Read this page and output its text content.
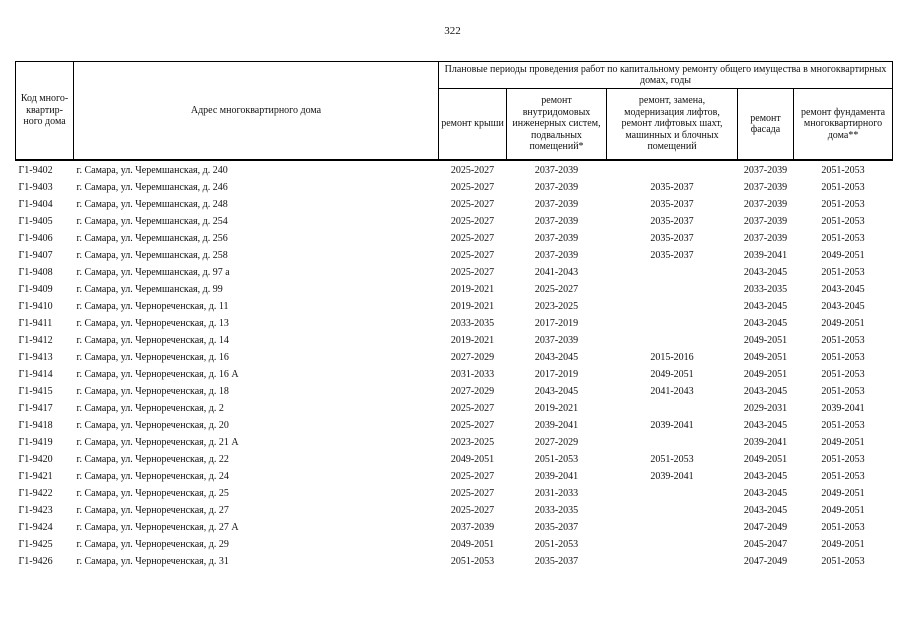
322
Код много-квартир-ного дома	Адрес многоквартирного дома	Плановые периоды проведения работ по капитальному ремонту общего имущества в многоквартирных домах, годы				
		ремонт крыши	ремонт внутридомовых инженерных систем, подвальных помещений*	ремонт, замена, модернизация лифтов, ремонт лифтовых шахт, машинных и блочных помещений	ремонт фасада	ремонт фундамента многоквартирного дома**
Г1-9402	г. Самара, ул. Черемшанская, д. 240	2025-2027	2037-2039		2037-2039	2051-2053
Г1-9403	г. Самара, ул. Черемшанская, д. 246	2025-2027	2037-2039	2035-2037	2037-2039	2051-2053
Г1-9404	г. Самара, ул. Черемшанская, д. 248	2025-2027	2037-2039	2035-2037	2037-2039	2051-2053
Г1-9405	г. Самара, ул. Черемшанская, д. 254	2025-2027	2037-2039	2035-2037	2037-2039	2051-2053
Г1-9406	г. Самара, ул. Черемшанская, д. 256	2025-2027	2037-2039	2035-2037	2037-2039	2051-2053
Г1-9407	г. Самара, ул. Черемшанская, д. 258	2025-2027	2037-2039	2035-2037	2039-2041	2049-2051
Г1-9408	г. Самара, ул. Черемшанская, д. 97 а	2025-2027	2041-2043		2043-2045	2051-2053
Г1-9409	г. Самара, ул. Черемшанская, д. 99	2019-2021	2025-2027		2033-2035	2043-2045
Г1-9410	г. Самара, ул. Чернореченская, д. 11	2019-2021	2023-2025		2043-2045	2043-2045
Г1-9411	г. Самара, ул. Чернореченская, д. 13	2033-2035	2017-2019		2043-2045	2049-2051
Г1-9412	г. Самара, ул. Чернореченская, д. 14	2019-2021	2037-2039		2049-2051	2051-2053
Г1-9413	г. Самара, ул. Чернореченская, д. 16	2027-2029	2043-2045	2015-2016	2049-2051	2051-2053
Г1-9414	г. Самара, ул. Чернореченская, д. 16 А	2031-2033	2017-2019	2049-2051	2049-2051	2051-2053
Г1-9415	г. Самара, ул. Чернореченская, д. 18	2027-2029	2043-2045	2041-2043	2043-2045	2051-2053
Г1-9417	г. Самара, ул. Чернореченская, д. 2	2025-2027	2019-2021		2029-2031	2039-2041
Г1-9418	г. Самара, ул. Чернореченская, д. 20	2025-2027	2039-2041	2039-2041	2043-2045	2051-2053
Г1-9419	г. Самара, ул. Чернореченская, д. 21 А	2023-2025	2027-2029		2039-2041	2049-2051
Г1-9420	г. Самара, ул. Чернореченская, д. 22	2049-2051	2051-2053	2051-2053	2049-2051	2051-2053
Г1-9421	г. Самара, ул. Чернореченская, д. 24	2025-2027	2039-2041	2039-2041	2043-2045	2051-2053
Г1-9422	г. Самара, ул. Чернореченская, д. 25	2025-2027	2031-2033		2043-2045	2049-2051
Г1-9423	г. Самара, ул. Чернореченская, д. 27	2025-2027	2033-2035		2043-2045	2049-2051
Г1-9424	г. Самара, ул. Чернореченская, д. 27 А	2037-2039	2035-2037		2047-2049	2051-2053
Г1-9425	г. Самара, ул. Чернореченская, д. 29	2049-2051	2051-2053		2045-2047	2049-2051
Г1-9426	г. Самара, ул. Чернореченская, д. 31	2051-2053	2035-2037		2047-2049	2051-2053
